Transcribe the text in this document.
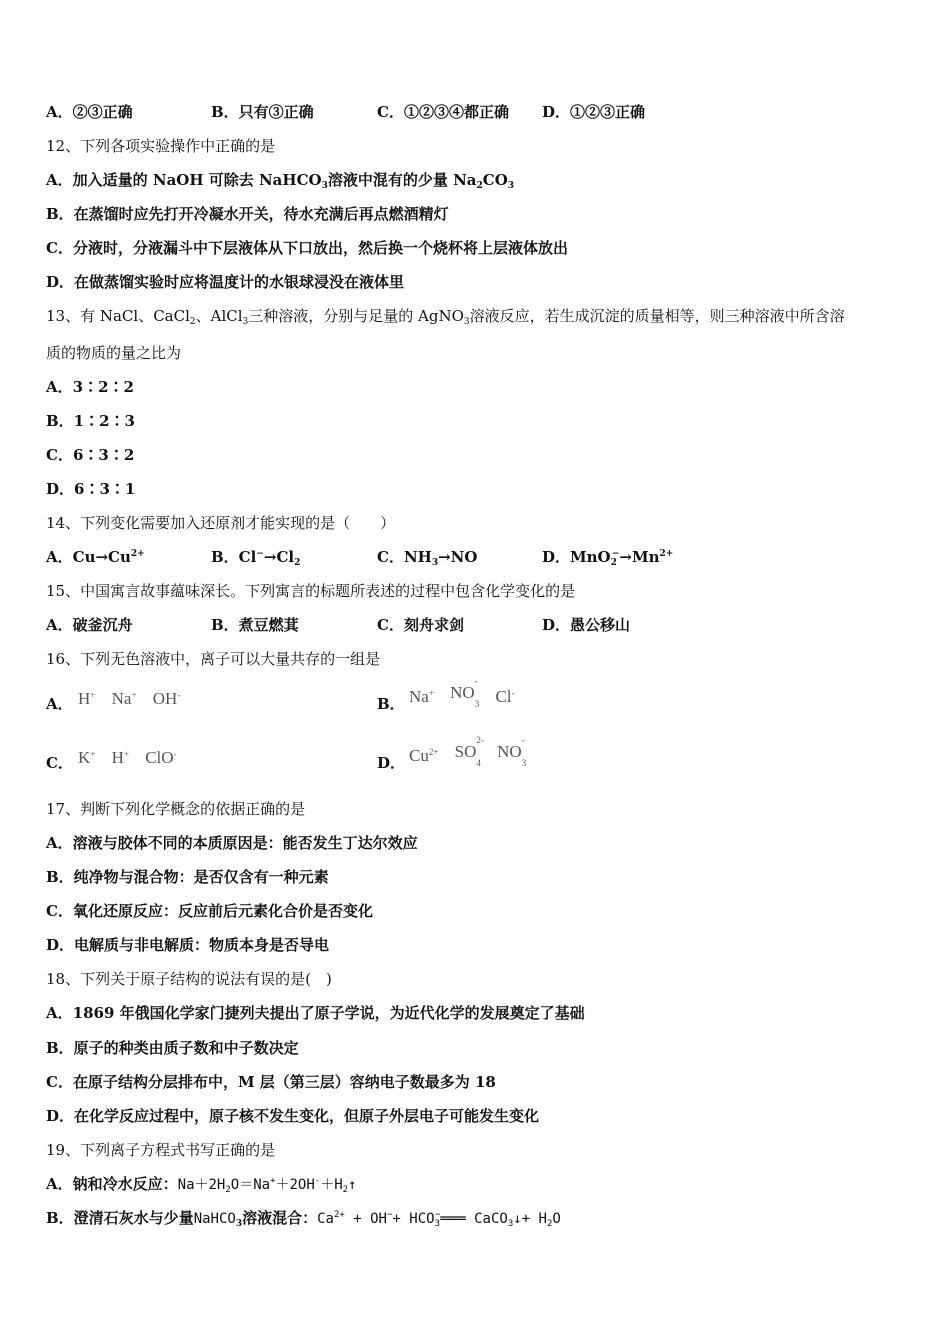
A．②③正确	B．只有③正确	C．①②③④都正确 D．①②③正确
12、下列各项实验操作中正确的是
A．加入适量的 NaOH 可除去 NaHCO$_3$溶液中混有的少量 $Na_2CO_3$
B．在蒸馏时应先打开冷凝水开关，待水充满后再点燃酒精灯
C．分液时，分液漏斗中下层液体从下口放出，然后换一个烧杯将上层液体放出
D．在做蒸馏实验时应将温度计的水银球浸没在液体里
13、有 NaCl、CaCl$_2$、AlCl$_3$三种溶液，分别与足量的 AgNO$_3$溶液反应，若生成沉淀的质量相等，则三种溶液中所含溶
质的物质的量之比为
A．3∶2∶2
B．1∶2∶3
C．6∶3∶2
D．6∶3∶1
14、下列变化需要加入还原剂才能实现的是（　　）
A．$Cu\to Cu^{2+}$	B．$Cl^-\to Cl_2$	C．$NH_3\to NO$	D．$MnO_2^-\to Mn^{2+}$
15、中国寓言故事蕴味深长。下列寓言的标题所表述的过程中包含化学变化的是
A．破釜沉舟	B．煮豆燃萁	C．刻舟求剑	D．愚公移山
16、下列无色溶液中，离子可以大量共存的一组是
A． H+ Na+ OH-	B． Na+ NO
-
$_3$ Cl-
C． K+ H+ ClO-	D． $Cu^{2+}$ SO
2-
$_4$ NO
-
$_3$
17、判断下列化学概念的依据正确的是
A．溶液与胶体不同的本质原因是：能否发生丁达尔效应
B．纯净物与混合物：是否仅含有一种元素
C．氧化还原反应：反应前后元素化合价是否变化
D．电解质与非电解质：物质本身是否导电
18、下列关于原子结构的说法有误的是(　)
A．1869 年俄国化学家门捷列夫提出了原子学说，为近代化学的发展奠定了基础
B．原子的种类由质子数和中子数决定
C．在原子结构分层排布中，M 层（第三层）容纳电子数最多为 18
D．在化学反应过程中，原子核不发生变化，但原子外层电子可能发生变化
19、下列离子方程式书写正确的是
A．钠和冷水反应：$Na+2H_2O=Na^++2OH^-+H_2↑$
B．澄清石灰水与少量NaHCO$_3$溶液混合：$Ca^{2+} + OH^-+$ $HCO_3^-═══$ CaCO$_3$↓+ $H_2O$
